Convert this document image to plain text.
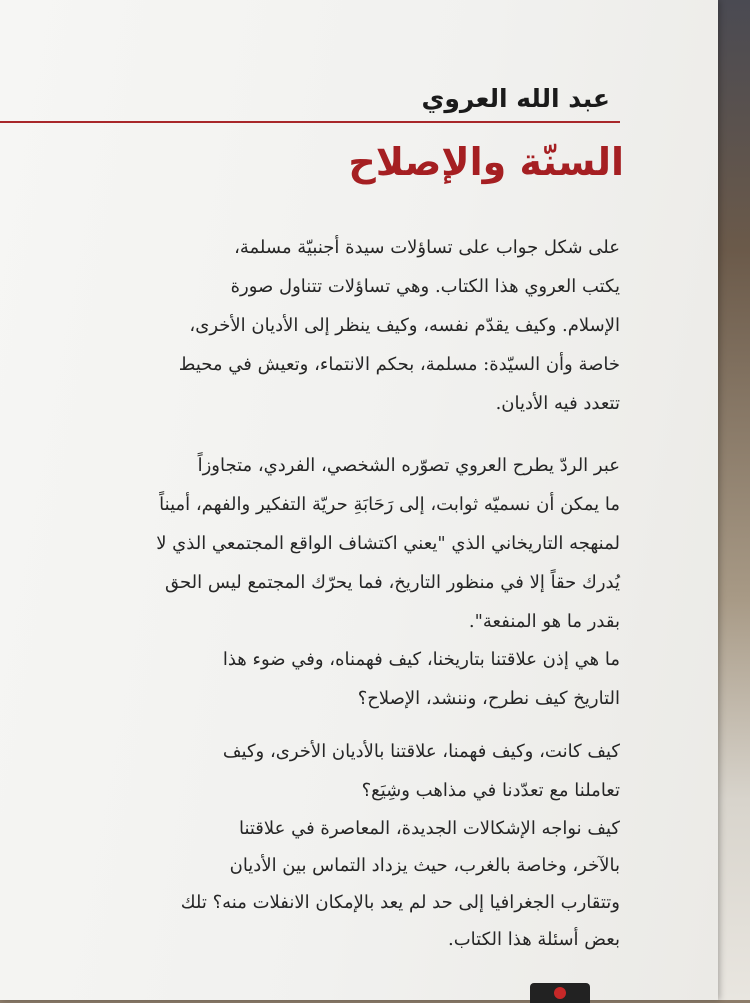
عبد الله العروي
السنّة والإصلاح
على شكل جواب على تساؤلات سيدة أجنبيّة مسلمة،
يكتب العروي هذا الكتاب. وهي تساؤلات تتناول صورة
الإسلام. وكيف يقدّم نفسه، وكيف ينظر إلى الأديان الأخرى،
خاصة وأن السيّدة: مسلمة، بحكم الانتماء، وتعيش في محيط
تتعدد فيه الأديان.
عبر الردّ يطرح العروي تصوّره الشخصي، الفردي، متجاوزاً
ما يمكن أن نسميّه ثوابت، إلى رَحَابَةِ حريّة التفكير والفهم، أميناً
لمنهجه التاريخاني الذي "يعني اكتشاف الواقع المجتمعي الذي لا
يُدرك حقاً إلا في منظور التاريخ، فما يحرّك المجتمع ليس الحق
بقدر ما هو المنفعة".
ما هي إذن علاقتنا بتاريخنا، كيف فهمناه، وفي ضوء هذا
التاريخ كيف نطرح، وننشد، الإصلاح؟
كيف كانت، وكيف فهمنا، علاقتنا بالأديان الأخرى، وكيف
تعاملنا مع تعدّدنا في مذاهب وشِيَع؟
كيف نواجه الإشكالات الجديدة، المعاصرة في علاقتنا
بالآخر، وخاصة بالغرب، حيث يزداد التماس بين الأديان
وتتقارب الجغرافيا إلى حد لم يعد بالإمكان الانفلات منه؟ تلك
بعض أسئلة هذا الكتاب.
